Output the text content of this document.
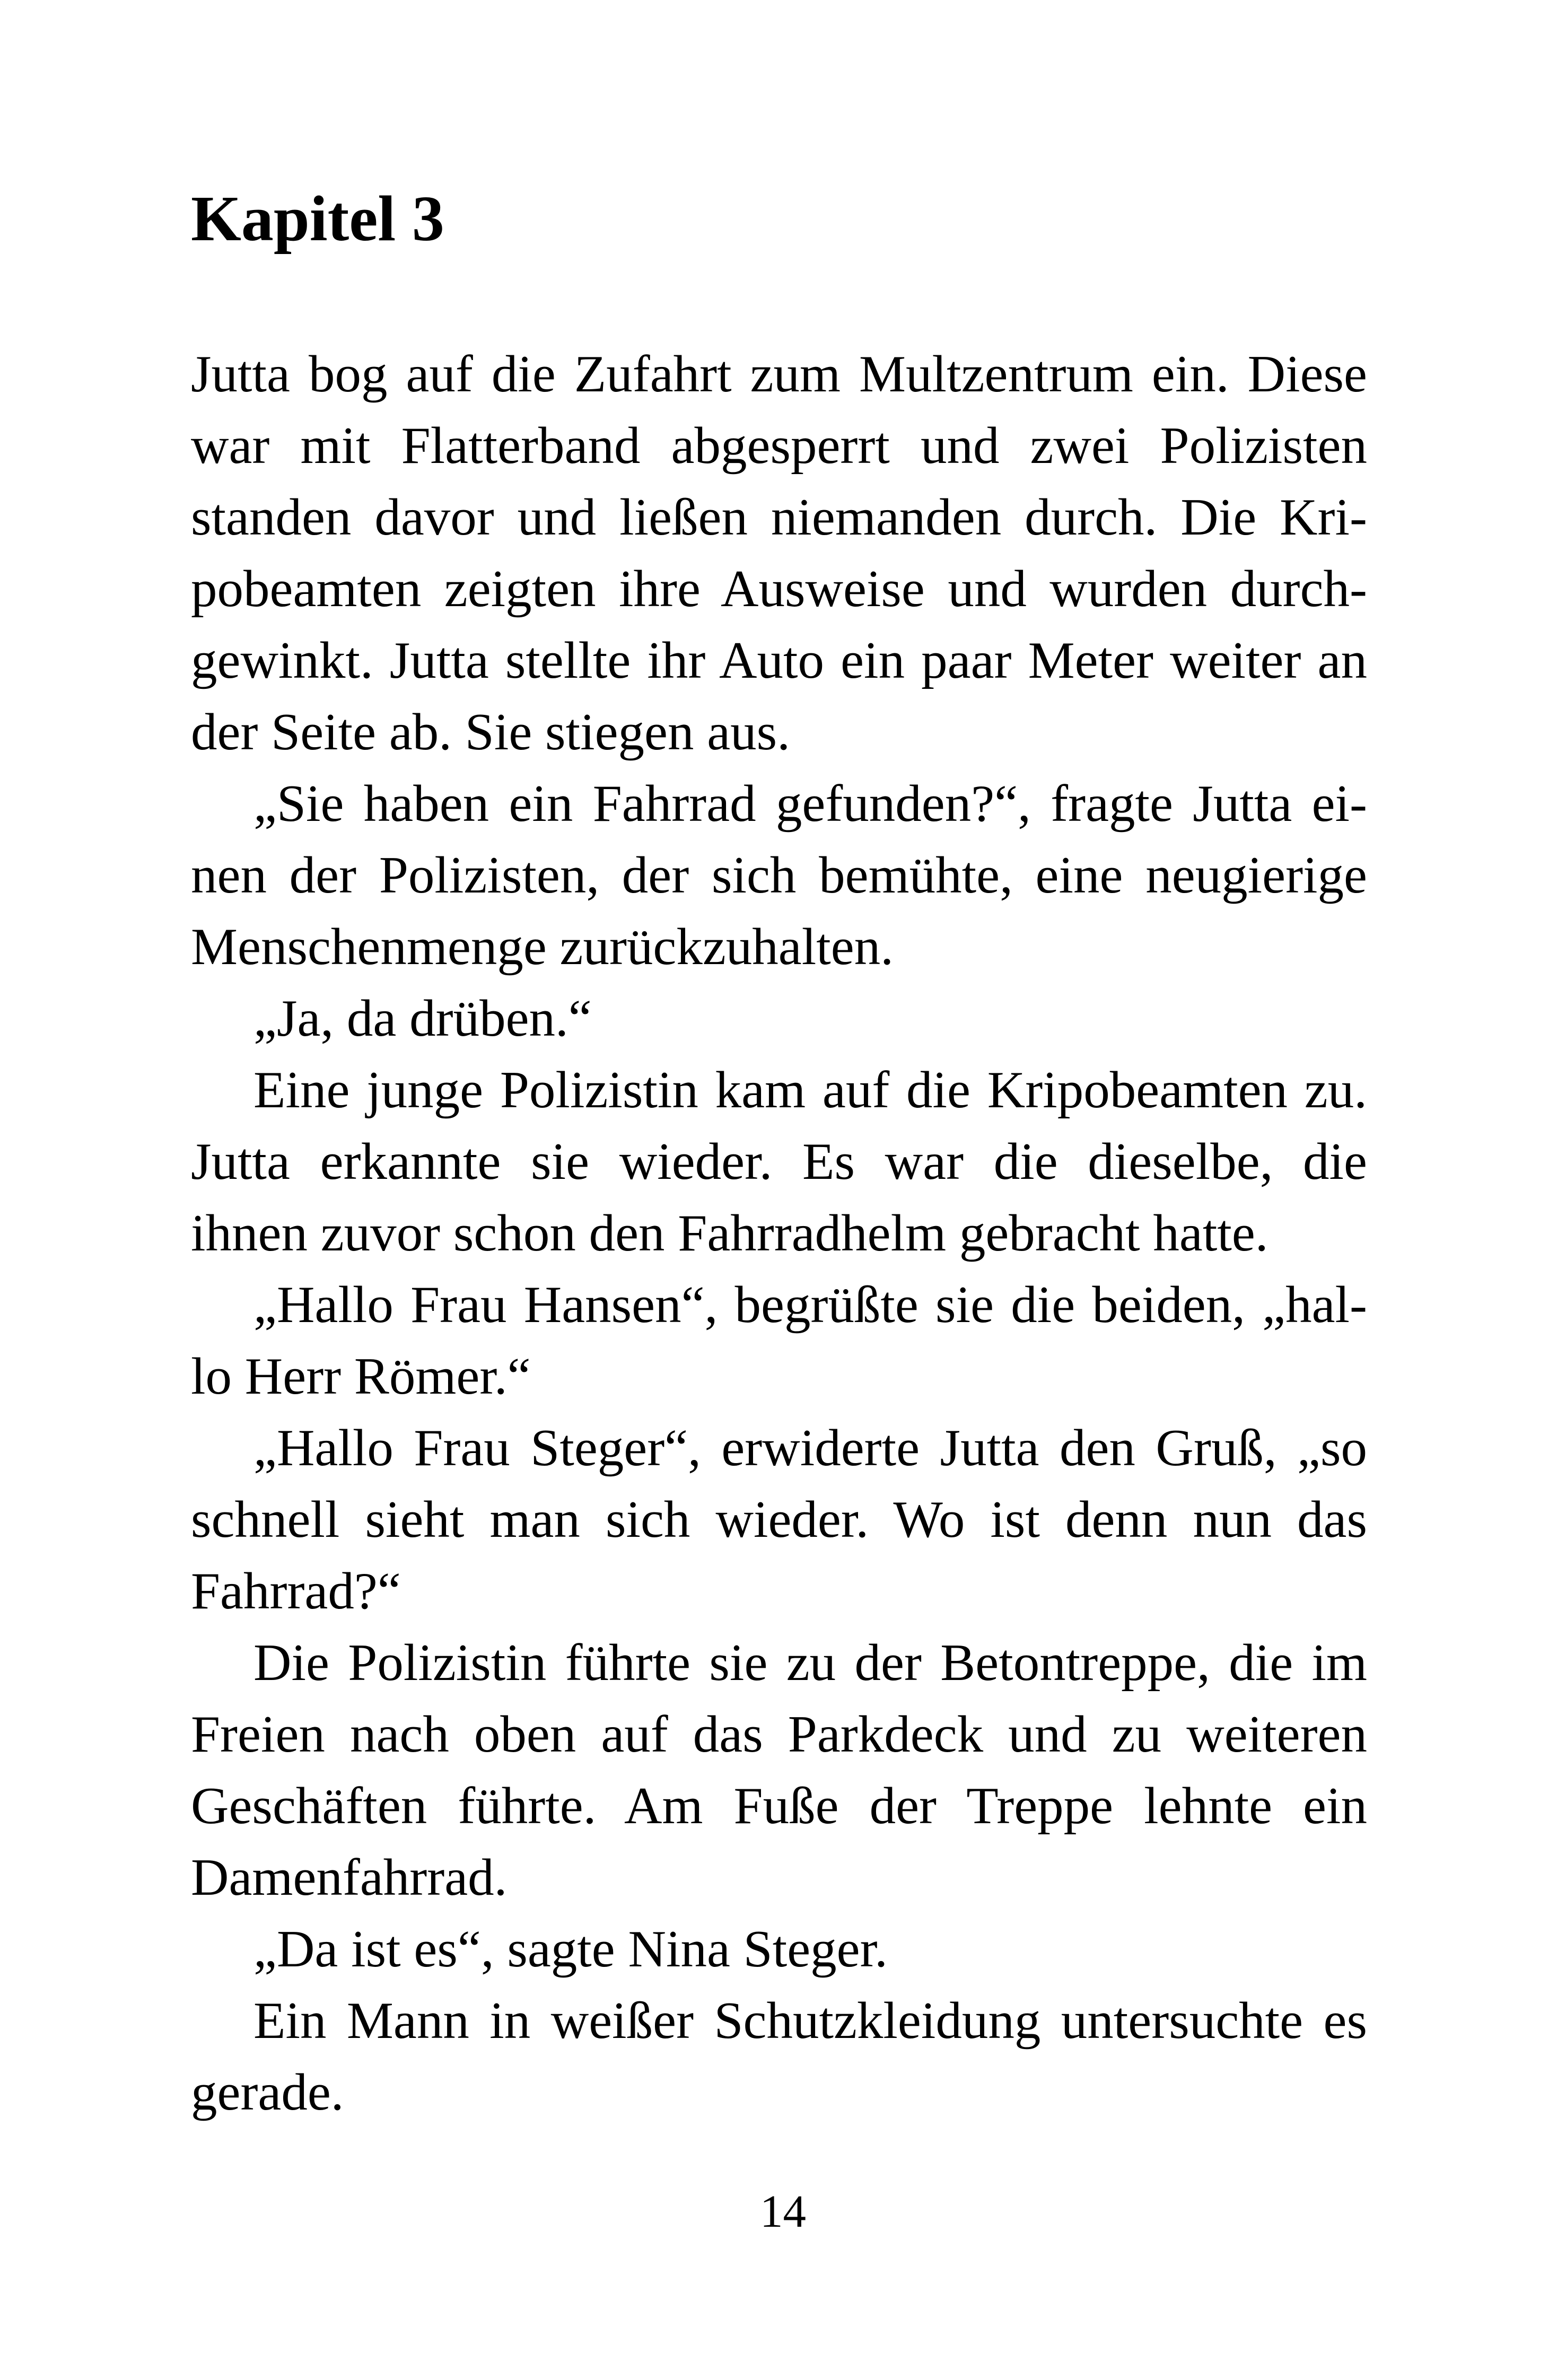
Kapitel 3
Jutta bog auf die Zufahrt zum Multzentrum ein. Diese
war mit Flatterband abgesperrt und zwei Polizisten
standen davor und ließen niemanden durch. Die Kri-
pobeamten zeigten ihre Ausweise und wurden durch-
gewinkt. Jutta stellte ihr Auto ein paar Meter weiter an
der Seite ab. Sie stiegen aus.
„Sie haben ein Fahrrad gefunden?“, fragte Jutta ei-
nen der Polizisten, der sich bemühte, eine neugierige
Menschenmenge zurückzuhalten.
„Ja, da drüben.“
Eine junge Polizistin kam auf die Kripobeamten zu.
Jutta erkannte sie wieder. Es war die dieselbe, die
ihnen zuvor schon den Fahrradhelm gebracht hatte.
„Hallo Frau Hansen“, begrüßte sie die beiden, „hal-
lo Herr Römer.“
„Hallo Frau Steger“, erwiderte Jutta den Gruß, „so
schnell sieht man sich wieder. Wo ist denn nun das
Fahrrad?“
Die Polizistin führte sie zu der Betontreppe, die im
Freien nach oben auf das Parkdeck und zu weiteren
Geschäften führte. Am Fuße der Treppe lehnte ein
Damenfahrrad.
„Da ist es“, sagte Nina Steger.
Ein Mann in weißer Schutzkleidung untersuchte es
gerade.
14
